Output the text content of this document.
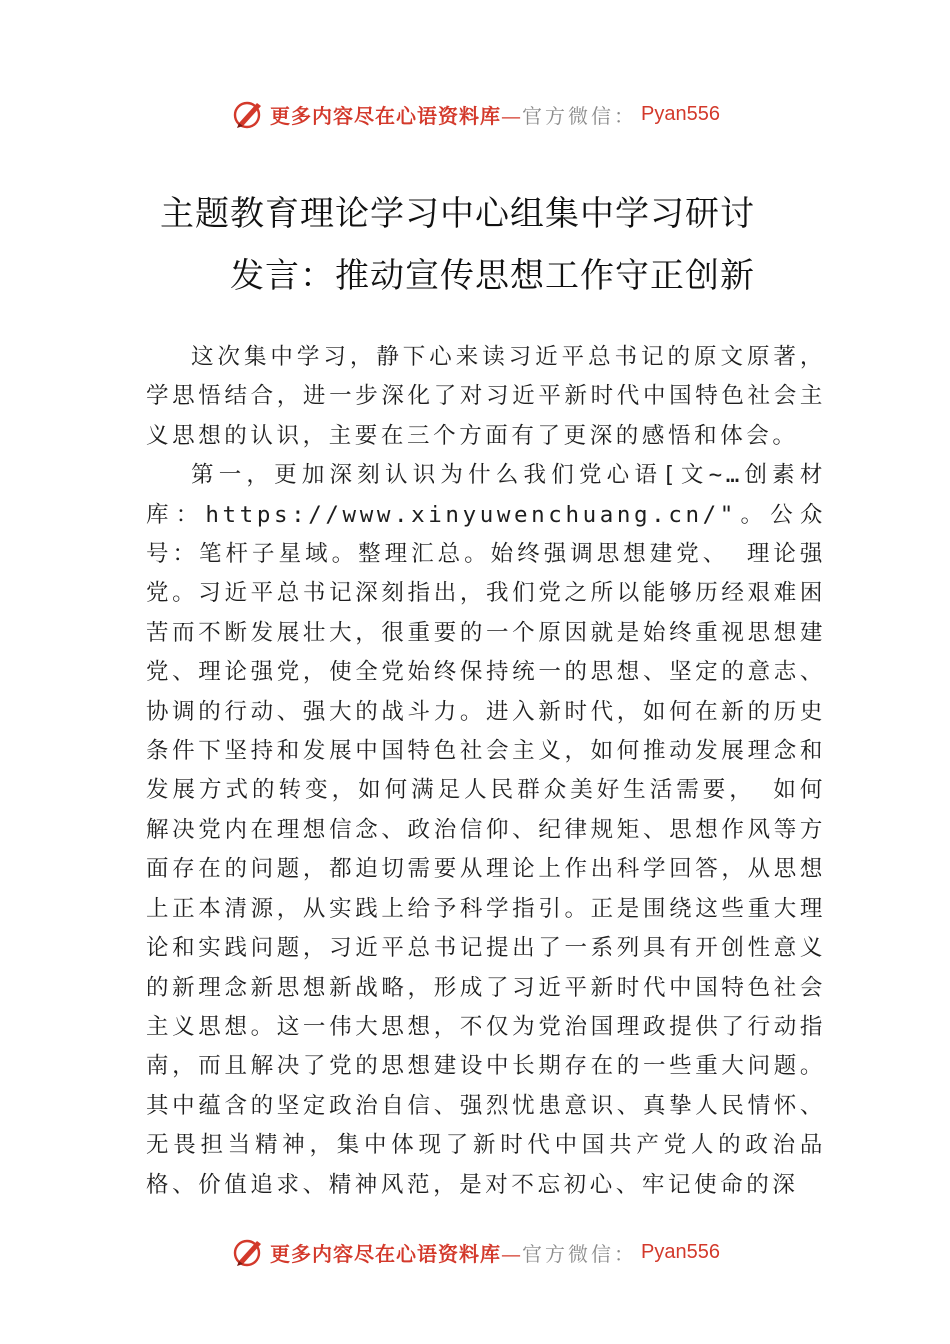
更多内容尽在心语资料库—官方微信： Pyan556
主题教育理论学习中心组集中学习研讨
发言：推动宣传思想工作守正创新

这次集中学习，静下心来读习近平总书记的原文原著，学思悟结合，进一步深化了对习近平新时代中国特色社会主义思想的认识，主要在三个方面有了更深的感悟和体会。

第一，更加深刻认识为什么我们党心语[文~…创素材库：https://www.xinyuwenchuang.cn/"。公众号：笔杆子星域。整理汇总。始终强调思想建党、 理论强党。习近平总书记深刻指出，我们党之所以能够历经艰难困苦而不断发展壮大，很重要的一个原因就是始终重视思想建党、理论强党，使全党始终保持统一的思想、坚定的意志、协调的行动、强大的战斗力。进入新时代，如何在新的历史条件下坚持和发展中国特色社会主义，如何推动发展理念和发展方式的转变，如何满足人民群众美好生活需要， 如何解决党内在理想信念、政治信仰、纪律规矩、思想作风等方面存在的问题，都迫切需要从理论上作出科学回答，从思想上正本清源，从实践上给予科学指引。正是围绕这些重大理论和实践问题，习近平总书记提出了一系列具有开创性意义的新理念新思想新战略，形成了习近平新时代中国特色社会主义思想。这一伟大思想，不仅为党治国理政提供了行动指南，而且解决了党的思想建设中长期存在的一些重大问题。其中蕴含的坚定政治自信、强烈忧患意识、真挚人民情怀、无畏担当精神，集中体现了新时代中国共产党人的政治品格、价值追求、精神风范，是对不忘初心、牢记使命的深

更多内容尽在心语资料库—官方微信： Pyan556
